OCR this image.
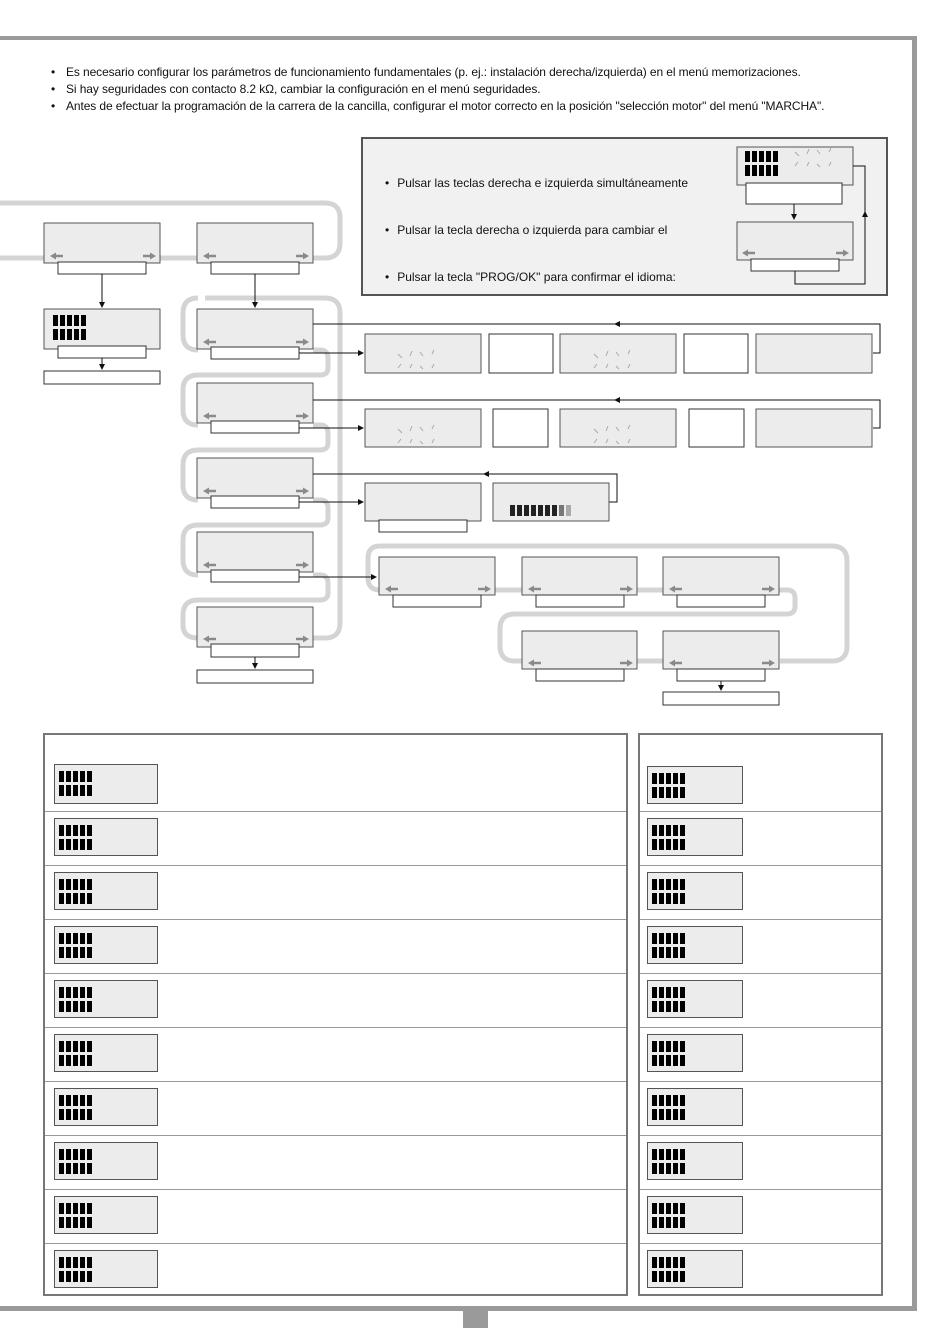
• Es necesario configurar los parámetros de funcionamiento fundamentales (p. ej.: instalación derecha/izquierda) en el menú memorizaciones.
• Si hay seguridades con contacto 8.2 kΩ, cambiar la configuración en el menú seguridades.
• Antes de efectuar la programación de la carrera de la cancilla, configurar el motor correcto en la posición "selección motor" del menú "MARCHA".
• Pulsar las teclas derecha e izquierda simultáneamente
• Pulsar la tecla derecha o izquierda para cambiar el
• Pulsar la tecla "PROG/OK" para confirmar el idioma:
